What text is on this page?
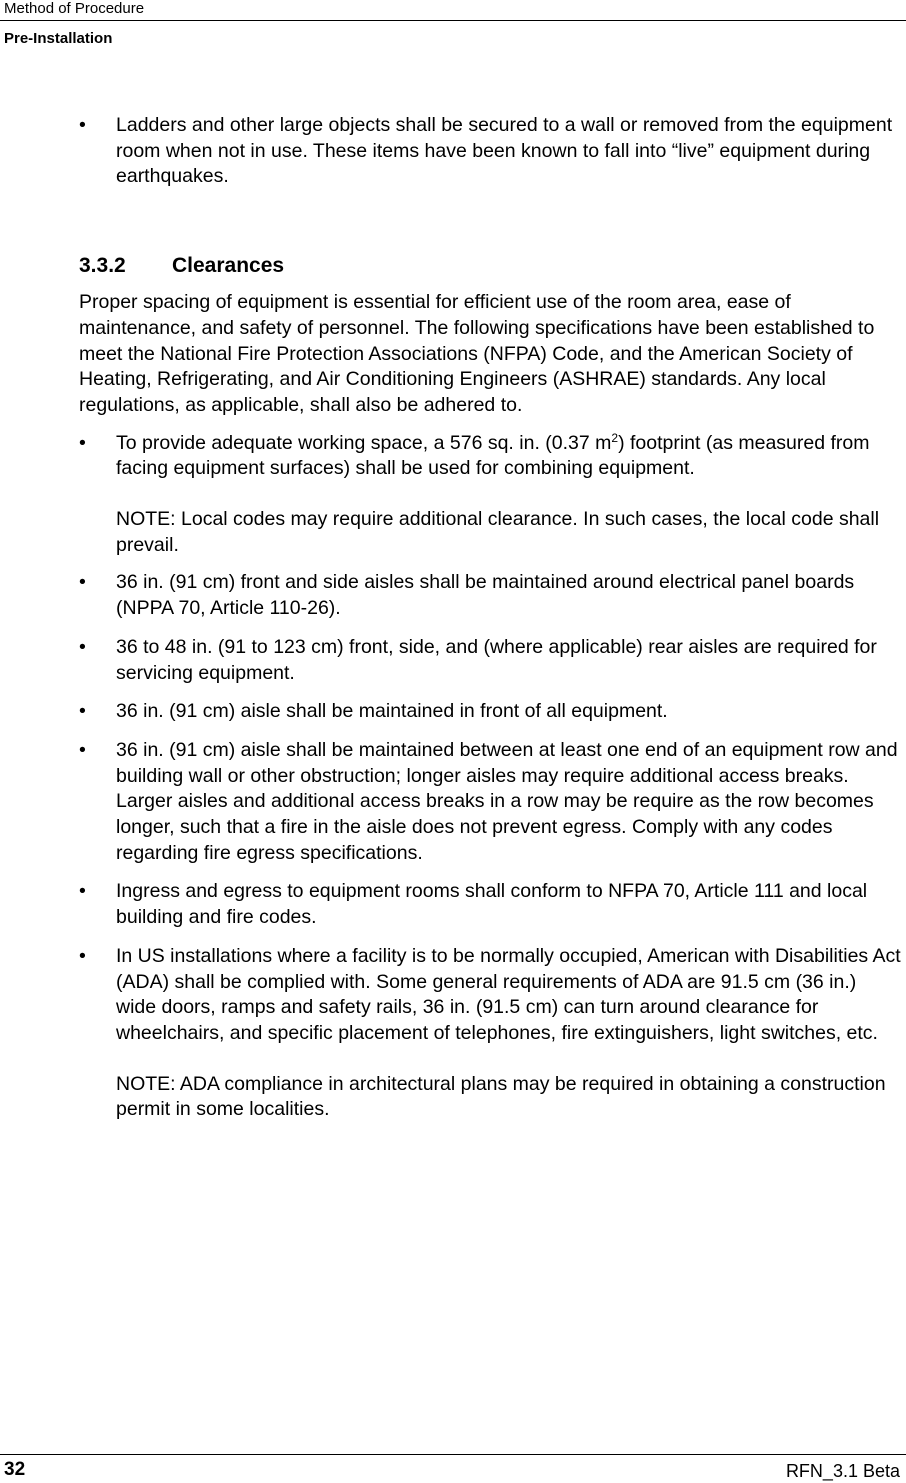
Method of Procedure
Pre-Installation
• Ladders and other large objects shall be secured to a wall or removed from the equipment room when not in use. These items have been known to fall into “live” equipment during earthquakes.
3.3.2 Clearances
Proper spacing of equipment is essential for efficient use of the room area, ease of maintenance, and safety of personnel. The following specifications have been established to meet the National Fire Protection Associations (NFPA) Code, and the American Society of Heating, Refrigerating, and Air Conditioning Engineers (ASHRAE) standards. Any local regulations, as applicable, shall also be adhered to.
• To provide adequate working space, a 576 sq. in. (0.37 $m^2$) footprint (as measured from facing equipment surfaces) shall be used for combining equipment.
NOTE: Local codes may require additional clearance. In such cases, the local code shall prevail.
• 36 in. (91 cm) front and side aisles shall be maintained around electrical panel boards (NPPA 70, Article 110-26).
• 36 to 48 in. (91 to 123 cm) front, side, and (where applicable) rear aisles are required for servicing equipment.
• 36 in. (91 cm) aisle shall be maintained in front of all equipment.
• 36 in. (91 cm) aisle shall be maintained between at least one end of an equipment row and building wall or other obstruction; longer aisles may require additional access breaks. Larger aisles and additional access breaks in a row may be require as the row becomes longer, such that a fire in the aisle does not prevent egress. Comply with any codes regarding fire egress specifications.
• Ingress and egress to equipment rooms shall conform to NFPA 70, Article 111 and local building and fire codes.
• In US installations where a facility is to be normally occupied, American with Disabilities Act (ADA) shall be complied with. Some general requirements of ADA are 91.5 cm (36 in.) wide doors, ramps and safety rails, 36 in. (91.5 cm) can turn around clearance for wheelchairs, and specific placement of telephones, fire extinguishers, light switches, etc.
NOTE: ADA compliance in architectural plans may be required in obtaining a construction permit in some localities.
32	RFN_3.1 Beta
